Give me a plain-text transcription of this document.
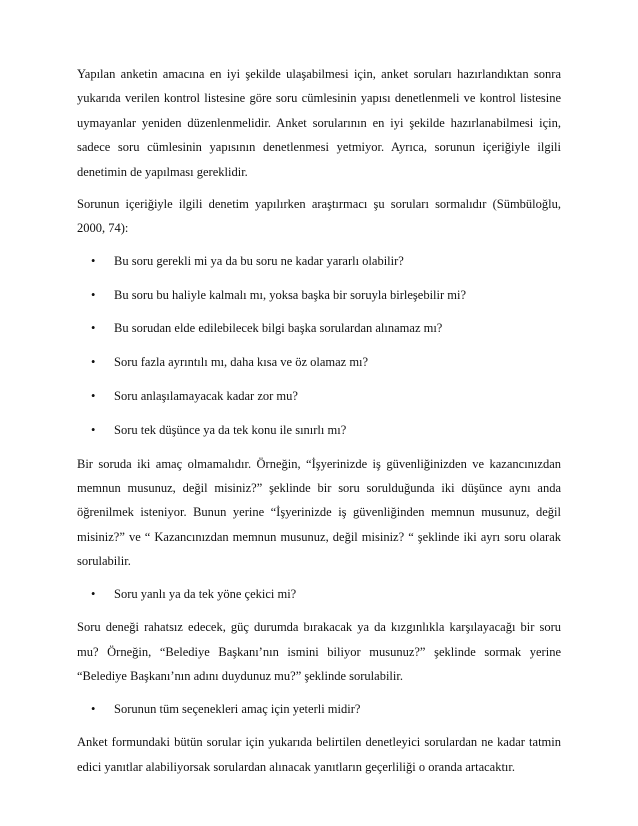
Yapılan anketin amacına en iyi şekilde ulaşabilmesi için, anket soruları hazırlandıktan sonra yukarıda verilen kontrol listesine göre soru cümlesinin yapısı denetlenmeli ve kontrol listesine uymayanlar yeniden düzenlenmelidir. Anket sorularının en iyi şekilde hazırlanabilmesi için, sadece soru cümlesinin yapısının denetlenmesi yetmiyor. Ayrıca, sorunun içeriğiyle ilgili denetimin de yapılması gereklidir.

Sorunun içeriğiyle ilgili denetim yapılırken araştırmacı şu soruları sormalıdır (Sümbüloğlu, 2000, 74):

• Bu soru gerekli mi ya da bu soru ne kadar yararlı olabilir?
• Bu soru bu haliyle kalmalı mı, yoksa başka bir soruyla birleşebilir mi?
• Bu sorudan elde edilebilecek bilgi başka sorulardan alınamaz mı?
• Soru fazla ayrıntılı mı, daha kısa ve öz olamaz mı?
• Soru anlaşılamayacak kadar zor mu?
• Soru tek düşünce ya da tek konu ile sınırlı mı?

Bir soruda iki amaç olmamalıdır. Örneğin, “İşyerinizde iş güvenliğinizden ve kazancınızdan memnun musunuz, değil misiniz?” şeklinde bir soru sorulduğunda iki düşünce aynı anda öğrenilmek isteniyor. Bunun yerine “İşyerinizde iş güvenliğinden memnun musunuz, değil misiniz?” ve “ Kazancınızdan memnun musunuz, değil misiniz? “ şeklinde iki ayrı soru olarak sorulabilir.

• Soru yanlı ya da tek yöne çekici mi?

Soru deneği rahatsız edecek, güç durumda bırakacak ya da kızgınlıkla karşılayacağı bir soru mu? Örneğin, “Belediye Başkanı’nın ismini biliyor musunuz?” şeklinde sormak yerine “Belediye Başkanı’nın adını duydunuz mu?” şeklinde sorulabilir.

• Sorunun tüm seçenekleri amaç için yeterli midir?

Anket formundaki bütün sorular için yukarıda belirtilen denetleyici sorulardan ne kadar tatmin edici yanıtlar alabiliyorsak sorulardan alınacak yanıtların geçerliliği o oranda artacaktır.
